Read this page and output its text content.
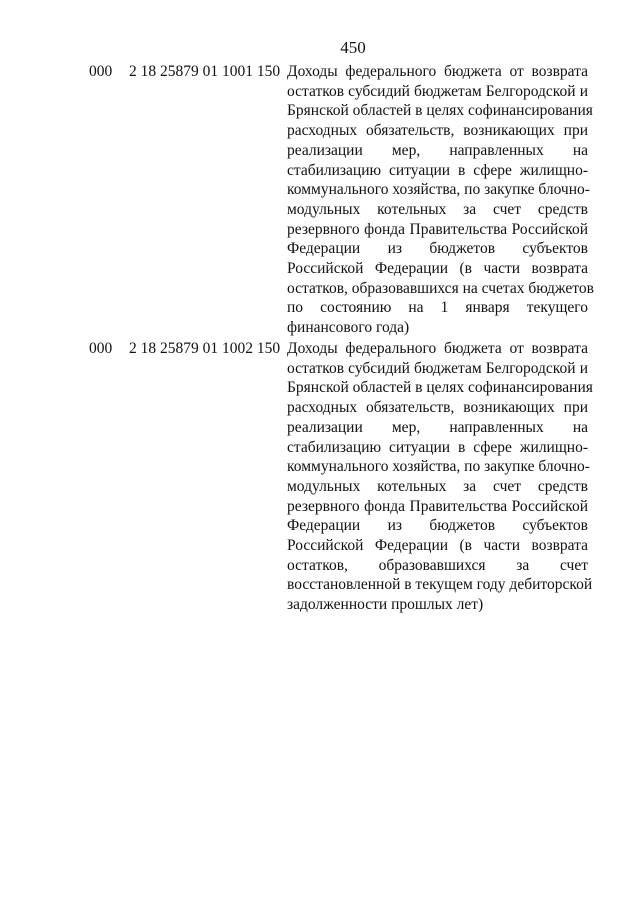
450
000 2 18 25879 01 1001 150 Доходы федерального бюджета от возврата
остатков субсидий бюджетам Белгородской и
Брянской областей в целях софинансирования
расходных обязательств, возникающих при
реализации мер, направленных на
стабилизацию ситуации в сфере жилищно-
коммунального хозяйства, по закупке блочно-
модульных котельных за счет средств
резервного фонда Правительства Российской
Федерации из бюджетов субъектов
Российской Федерации (в части возврата
остатков, образовавшихся на счетах бюджетов
по состоянию на 1 января текущего
финансового года)
000 2 18 25879 01 1002 150 Доходы федерального бюджета от возврата
остатков субсидий бюджетам Белгородской и
Брянской областей в целях софинансирования
расходных обязательств, возникающих при
реализации мер, направленных на
стабилизацию ситуации в сфере жилищно-
коммунального хозяйства, по закупке блочно-
модульных котельных за счет средств
резервного фонда Правительства Российской
Федерации из бюджетов субъектов
Российской Федерации (в части возврата
остатков, образовавшихся за счет
восстановленной в текущем году дебиторской
задолженности прошлых лет)
